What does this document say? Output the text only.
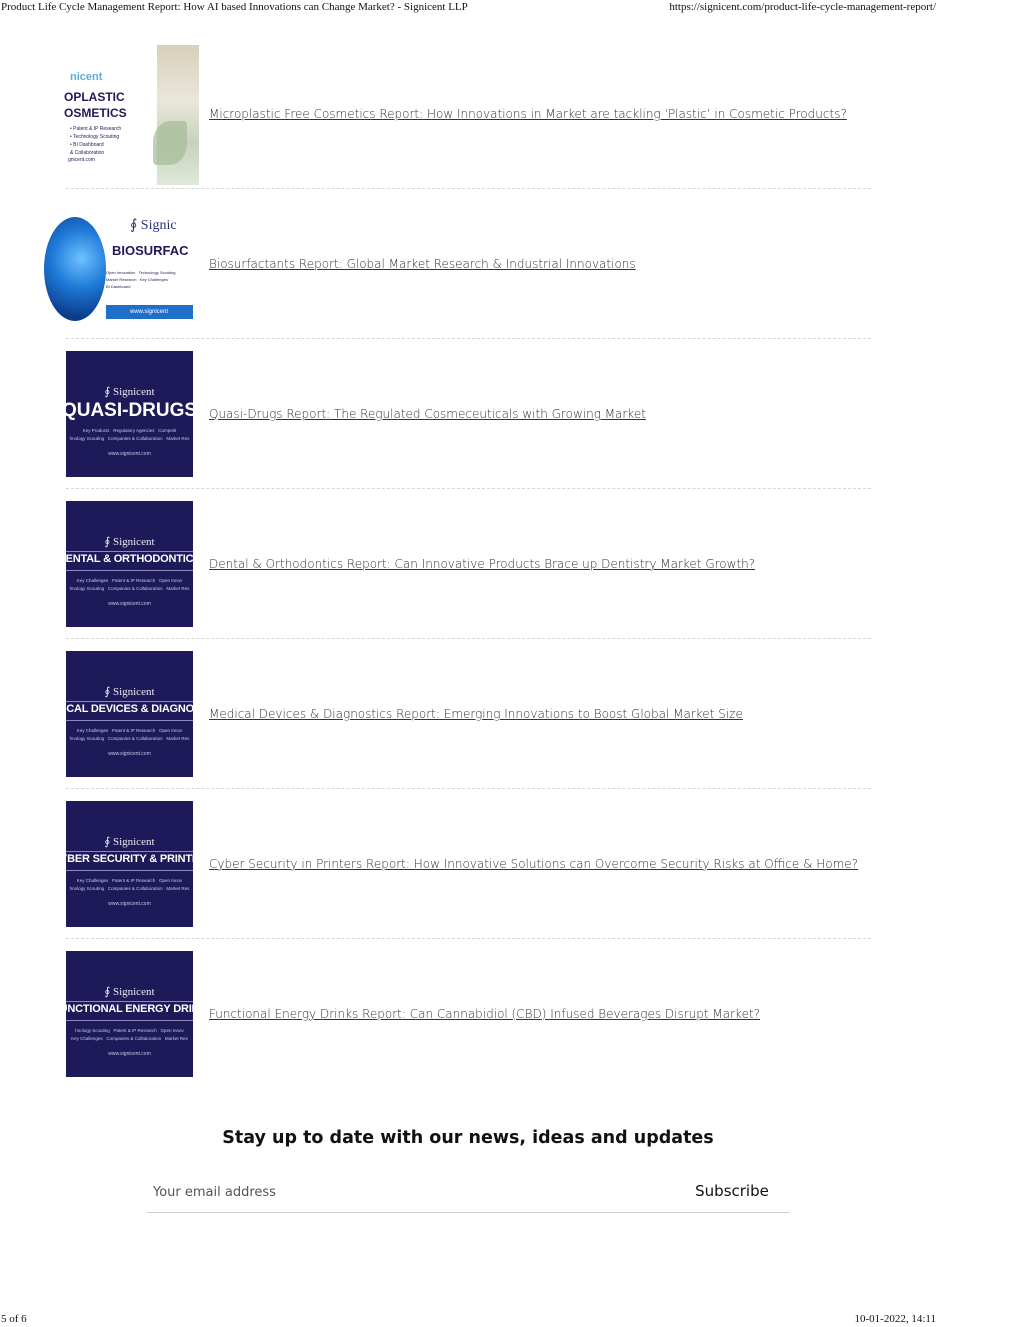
Product Life Cycle Management Report: How AI based Innovations can Change Market? - Signicent LLP	https://signicent.com/product-life-cycle-management-report/
nicent
OPLASTIC
OSMETICS
• Patent & IP Research
• Technology Scouting
• BI Dashboard
& Collaboration
gnicent.com
Microplastic Free Cosmetics Report: How Innovations in Market are tackling ‘Plastic’ in Cosmetic Products?
∮ Signic
BIOSURFAC
Open Innovation   Technology Scouting
Market Research   Key Challenges
BI Dashboard
www.signicent
Biosurfactants Report: Global Market Research & Industrial Innovations
∮ Signicent
QUASI-DRUGS
Key Products   Regulatory Agencies   Competit
hnology Scouting   Companies & Collaboration   Market Res
www.signicent.com
Quasi-Drugs Report: The Regulated Cosmeceuticals with Growing Market
∮ Signicent
ENTAL & ORTHODONTIC
Key Challenges   Patent & IP Research   Open Innov
hnology Scouting   Companies & Collaboration   Market Res
www.signicent.com
Dental & Orthodontics Report: Can Innovative Products Brace up Dentistry Market Growth?
∮ Signicent
EDICAL DEVICES & DIAGNOSTI
Key Challenges   Patent & IP Research   Open Innov
hnology Scouting   Companies & Collaboration   Market Res
www.signicent.com
Medical Devices & Diagnostics Report: Emerging Innovations to Boost Global Market Size
∮ Signicent
YBER SECURITY & PRINTE
Key Challenges   Patent & IP Research   Open Innov
hnology Scouting   Companies & Collaboration   Market Res
www.signicent.com
Cyber Security in Printers Report: How Innovative Solutions can Overcome Security Risks at Office & Home?
∮ Signicent
UNCTIONAL ENERGY DRIN
hnology Scouting   Patent & IP Research   Open Innov
Key Challenges   Companies & Collaboration   Market Res
www.signicent.com
Functional Energy Drinks Report: Can Cannabidiol (CBD) Infused Beverages Disrupt Market?
Stay up to date with our news, ideas and updates
Your email address
Subscribe
5 of 6	10-01-2022, 14:11
